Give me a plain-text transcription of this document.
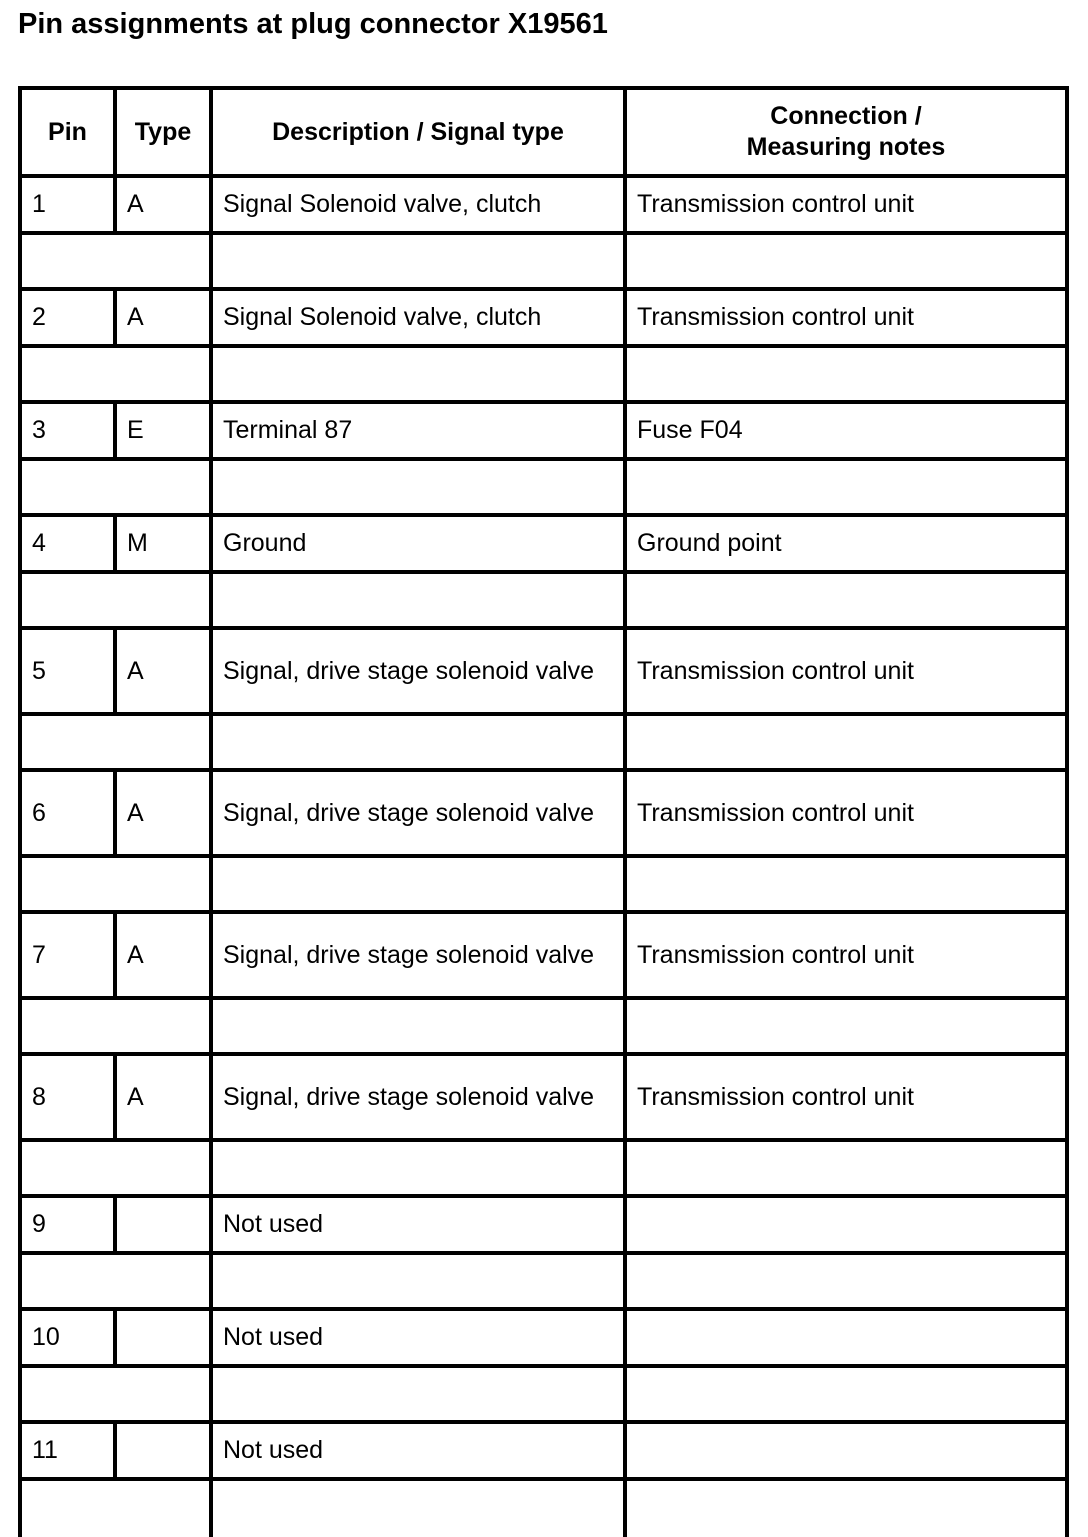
Pin assignments at plug connector X19561
Pin	Type	Description / Signal type	Connection / Measuring notes
1	A	Signal Solenoid valve, clutch	Transmission control unit

2	A	Signal Solenoid valve, clutch	Transmission control unit

3	E	Terminal 87	Fuse F04

4	M	Ground	Ground point

5	A	Signal, drive stage solenoid valve	Transmission control unit

6	A	Signal, drive stage solenoid valve	Transmission control unit

7	A	Signal, drive stage solenoid valve	Transmission control unit

8	A	Signal, drive stage solenoid valve	Transmission control unit

9		Not used	

10		Not used	

11		Not used	
